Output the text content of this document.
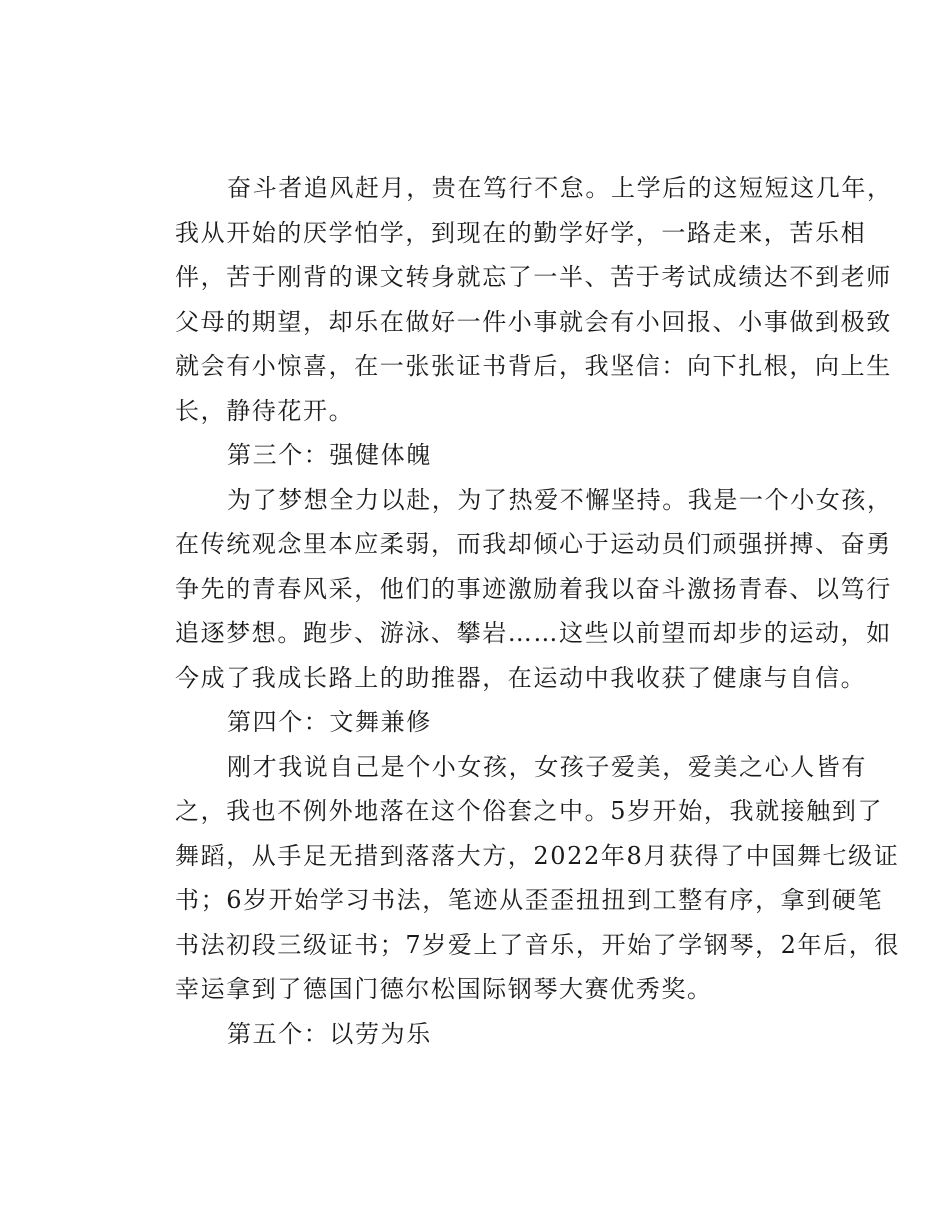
奋斗者追风赶月，贵在笃行不怠。上学后的这短短这几年，
我从开始的厌学怕学，到现在的勤学好学，一路走来，苦乐相
伴，苦于刚背的课文转身就忘了一半、苦于考试成绩达不到老师
父母的期望，却乐在做好一件小事就会有小回报、小事做到极致
就会有小惊喜，在一张张证书背后，我坚信：向下扎根，向上生
长，静待花开。
第三个：强健体魄
为了梦想全力以赴，为了热爱不懈坚持。我是一个小女孩，
在传统观念里本应柔弱，而我却倾心于运动员们顽强拼搏、奋勇
争先的青春风采，他们的事迹激励着我以奋斗激扬青春、以笃行
追逐梦想。跑步、游泳、攀岩……这些以前望而却步的运动，如
今成了我成长路上的助推器，在运动中我收获了健康与自信。
第四个：文舞兼修
刚才我说自己是个小女孩，女孩子爱美，爱美之心人皆有
之，我也不例外地落在这个俗套之中。5岁开始，我就接触到了
舞蹈，从手足无措到落落大方，2022年8月获得了中国舞七级证
书；6岁开始学习书法，笔迹从歪歪扭扭到工整有序，拿到硬笔
书法初段三级证书；7岁爱上了音乐，开始了学钢琴，2年后，很
幸运拿到了德国门德尔松国际钢琴大赛优秀奖。
第五个：以劳为乐
